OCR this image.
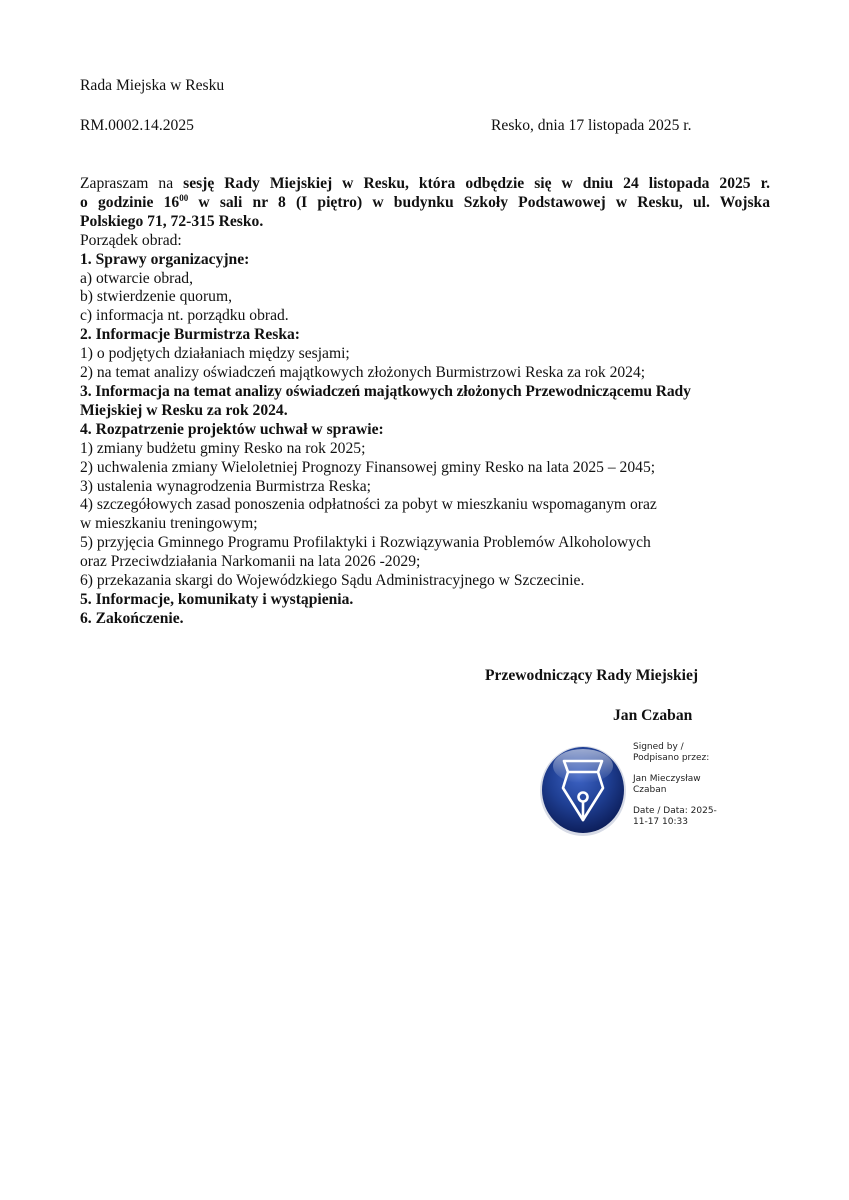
Rada Miejska w Resku
RM.0002.14.2025	Resko, dnia 17 listopada 2025 r.
Zapraszam na sesję Rady Miejskiej w Resku, która odbędzie się w dniu 24 listopada 2025 r.
o godzinie $16^{00}$ w sali nr 8 (I piętro) w budynku Szkoły Podstawowej w Resku, ul. Wojska
Polskiego 71, 72-315 Resko.
Porządek obrad:
1. Sprawy organizacyjne:
a) otwarcie obrad,
b) stwierdzenie quorum,
c) informacja nt. porządku obrad.
2. Informacje Burmistrza Reska:
1) o podjętych działaniach między sesjami;
2) na temat analizy oświadczeń majątkowych złożonych Burmistrzowi Reska za rok 2024;
3. Informacja na temat analizy oświadczeń majątkowych złożonych Przewodniczącemu Rady
Miejskiej w Resku za rok 2024.
4. Rozpatrzenie projektów uchwał w sprawie:
1) zmiany budżetu gminy Resko na rok 2025;
2) uchwalenia zmiany Wieloletniej Prognozy Finansowej gminy Resko na lata 2025 – 2045;
3) ustalenia wynagrodzenia Burmistrza Reska;
4) szczegółowych zasad ponoszenia odpłatności za pobyt w mieszkaniu wspomaganym oraz
w mieszkaniu treningowym;
5) przyjęcia Gminnego Programu Profilaktyki i Rozwiązywania Problemów Alkoholowych
oraz Przeciwdziałania Narkomanii na lata 2026 -2029;
6) przekazania skargi do Wojewódzkiego Sądu Administracyjnego w Szczecinie.
5. Informacje, komunikaty i wystąpienia.
6. Zakończenie.
Przewodniczący Rady Miejskiej
Jan Czaban
Signed by /
Podpisano przez:
Jan Mieczysław
Czaban
Date / Data: 2025-
11-17 10:33
